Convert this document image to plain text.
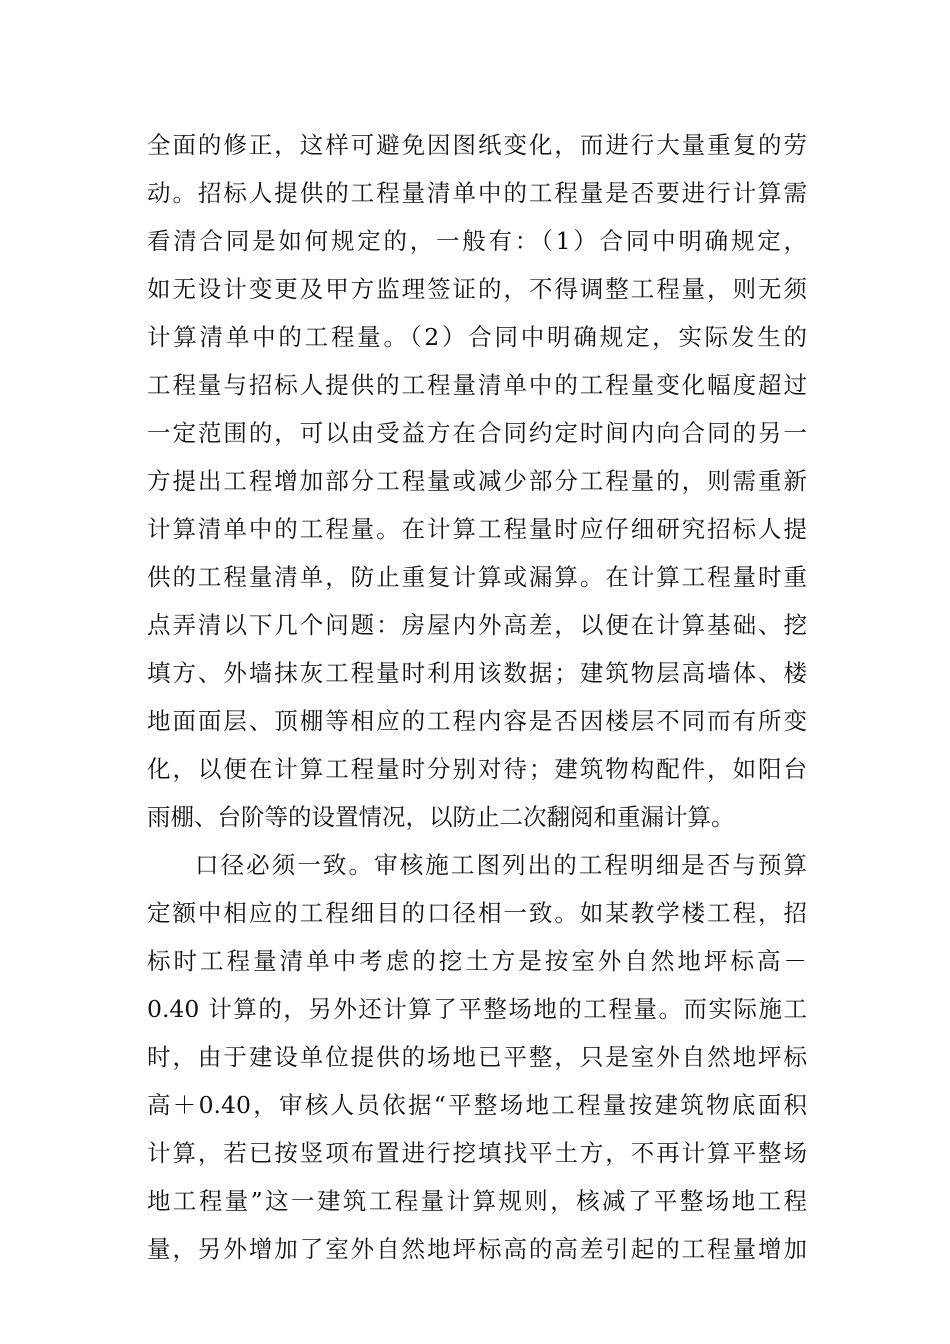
全面的修正，这样可避免因图纸变化，而进行大量重复的劳
动。招标人提供的工程量清单中的工程量是否要进行计算需
看清合同是如何规定的，一般有：（1）合同中明确规定，
如无设计变更及甲方监理签证的，不得调整工程量，则无须
计算清单中的工程量。（2）合同中明确规定，实际发生的
工程量与招标人提供的工程量清单中的工程量变化幅度超过
一定范围的，可以由受益方在合同约定时间内向合同的另一
方提出工程增加部分工程量或减少部分工程量的，则需重新
计算清单中的工程量。在计算工程量时应仔细研究招标人提
供的工程量清单，防止重复计算或漏算。在计算工程量时重
点弄清以下几个问题：房屋内外高差，以便在计算基础、挖
填方、外墙抹灰工程量时利用该数据；建筑物层高墙体、楼
地面面层、顶棚等相应的工程内容是否因楼层不同而有所变
化，以便在计算工程量时分别对待；建筑物构配件，如阳台
雨棚、台阶等的设置情况，以防止二次翻阅和重漏计算。
口径必须一致。审核施工图列出的工程明细是否与预算
定额中相应的工程细目的口径相一致。如某教学楼工程，招
标时工程量清单中考虑的挖土方是按室外自然地坪标高－
0.40 计算的，另外还计算了平整场地的工程量。而实际施工
时，由于建设单位提供的场地已平整，只是室外自然地坪标
高＋0.40，审核人员依据“平整场地工程量按建筑物底面积
计算，若已按竖项布置进行挖填找平土方，不再计算平整场
地工程量”这一建筑工程量计算规则，核减了平整场地工程
量，另外增加了室外自然地坪标高的高差引起的工程量增加
